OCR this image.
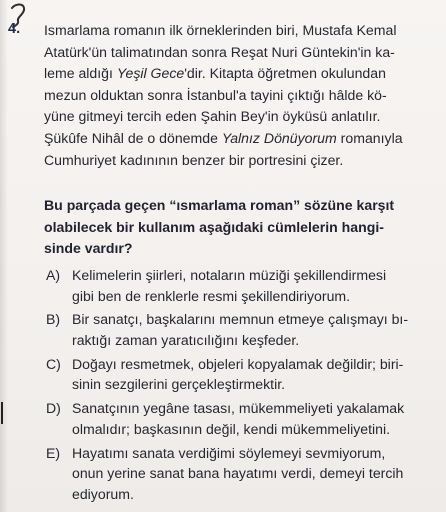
4. Ismarlama romanın ilk örneklerinden biri, Mustafa Kemal
Atatürk'ün talimatından sonra Reşat Nuri Güntekin'in ka-
leme aldığı Yeşil Gece'dir. Kitapta öğretmen okulundan
mezun olduktan sonra İstanbul'a tayini çıktığı hâlde kö-
yüne gitmeyi tercih eden Şahin Bey'in öyküsü anlatılır.
Şükûfe Nihâl de o dönemde Yalnız Dönüyorum romanıyla
Cumhuriyet kadınının benzer bir portresini çizer.
Bu parçada geçen “ısmarlama roman” sözüne karşıt
olabilecek bir kullanım aşağıdaki cümlelerin hangi-
sinde vardır?
A) Kelimelerin şiirleri, notaların müziği şekillendirmesi
gibi ben de renklerle resmi şekillendiriyorum.
B) Bir sanatçı, başkalarını memnun etmeye çalışmayı bı-
raktığı zaman yaratıcılığını keşfeder.
C) Doğayı resmetmek, objeleri kopyalamak değildir; biri-
sinin sezgilerini gerçekleştirmektir.
D) Sanatçının yegâne tasası, mükemmeliyeti yakalamak
olmalıdır; başkasının değil, kendi mükemmeliyetini.
E) Hayatımı sanata verdiğimi söylemeyi sevmiyorum,
onun yerine sanat bana hayatımı verdi, demeyi tercih
ediyorum.
